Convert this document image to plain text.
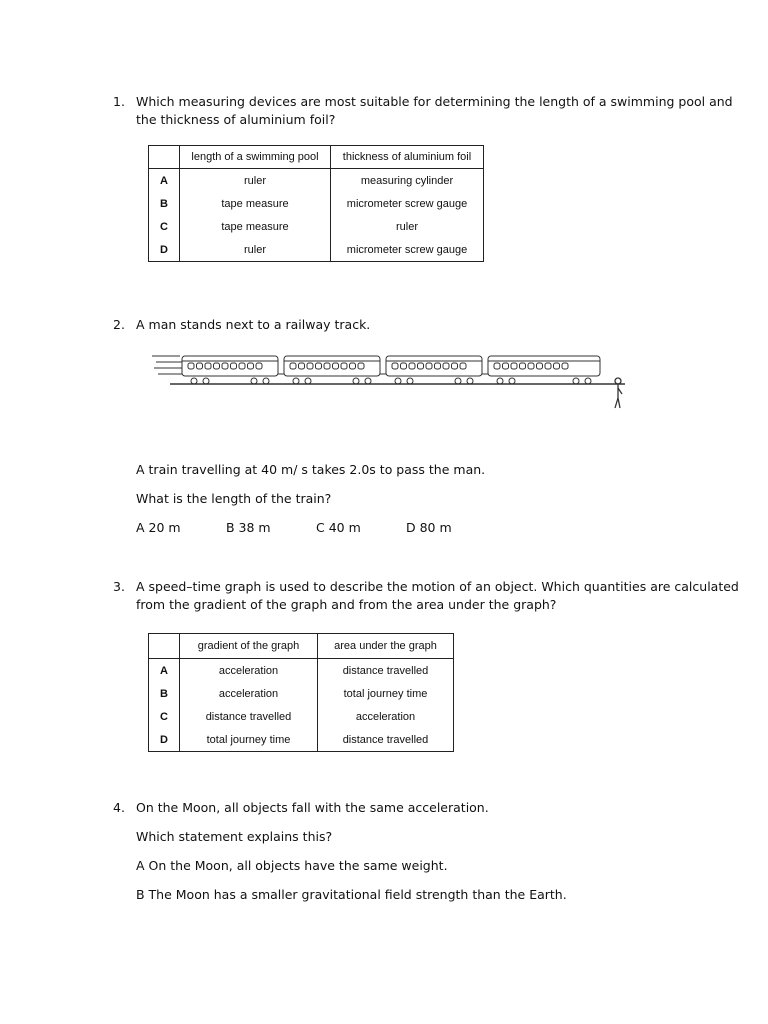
1. Which measuring devices are most suitable for determining the length of a swimming pool and
the thickness of aluminium foil?
	length of a swimming pool	thickness of aluminium foil
A	ruler	measuring cylinder
B	tape measure	micrometer screw gauge
C	tape measure	ruler
D	ruler	micrometer screw gauge
2. A man stands next to a railway track.
A train travelling at 40 m/ s takes 2.0s to pass the man.
What is the length of the train?
A 20 m	B 38 m	C 40 m	D 80 m
3. A speed–time graph is used to describe the motion of an object. Which quantities are calculated
from the gradient of the graph and from the area under the graph?
	gradient of the graph	area under the graph
A	acceleration	distance travelled
B	acceleration	total journey time
C	distance travelled	acceleration
D	total journey time	distance travelled
4. On the Moon, all objects fall with the same acceleration.
Which statement explains this?
A On the Moon, all objects have the same weight.
B The Moon has a smaller gravitational field strength than the Earth.
